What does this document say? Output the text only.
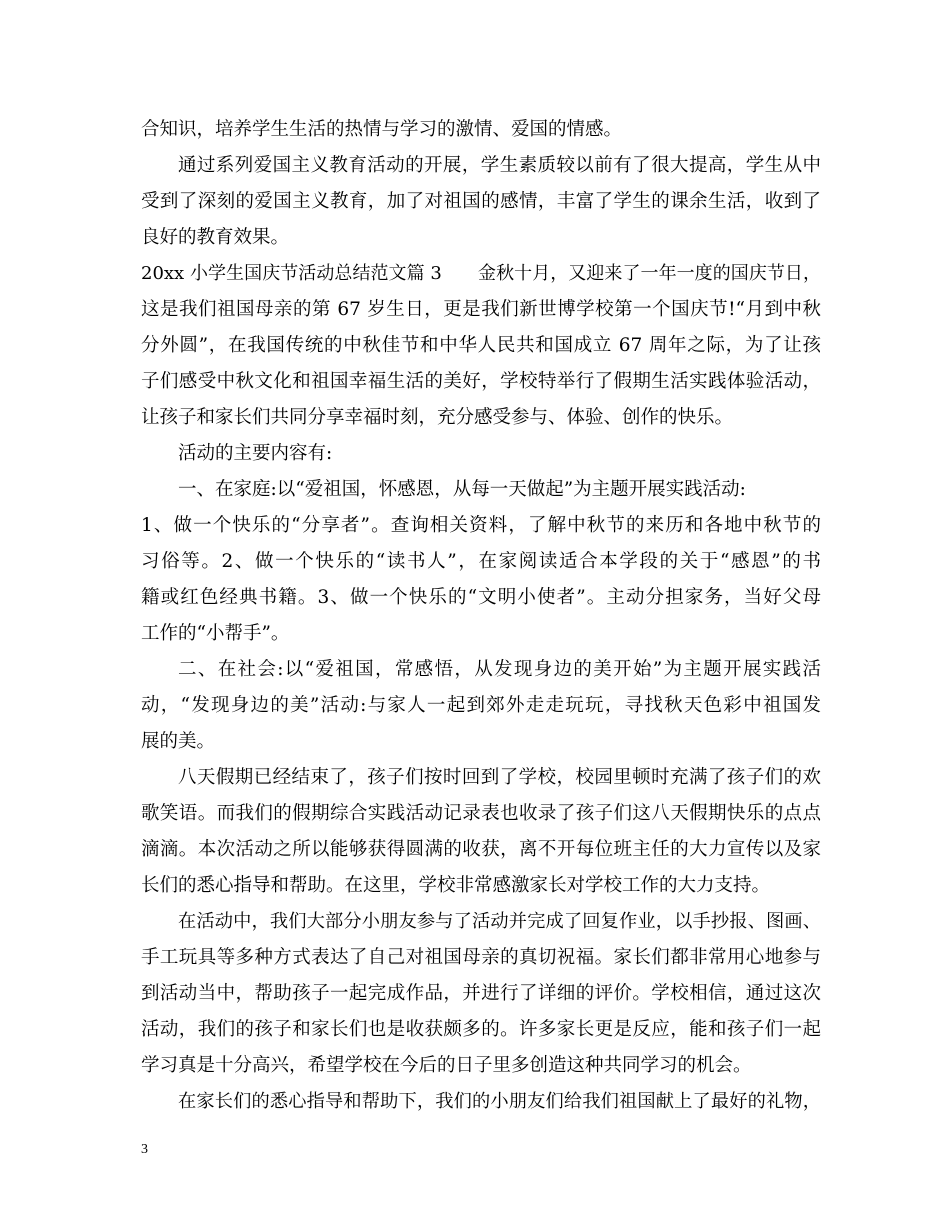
合知识，培养学生生活的热情与学习的激情、爱国的情感。
通过系列爱国主义教育活动的开展，学生素质较以前有了很大提高，学生从中
受到了深刻的爱国主义教育，加了对祖国的感情，丰富了学生的课余生活，收到了
良好的教育效果。
20xx 小学生国庆节活动总结范文篇 3　　金秋十月，又迎来了一年一度的国庆节日，
这是我们祖国母亲的第 67 岁生日，更是我们新世博学校第一个国庆节!“月到中秋
分外圆”，在我国传统的中秋佳节和中华人民共和国成立 67 周年之际，为了让孩
子们感受中秋文化和祖国幸福生活的美好，学校特举行了假期生活实践体验活动，
让孩子和家长们共同分享幸福时刻，充分感受参与、体验、创作的快乐。
活动的主要内容有:
一、在家庭:以“爱祖国，怀感恩，从每一天做起”为主题开展实践活动:
1、做一个快乐的“分享者”。查询相关资料，了解中秋节的来历和各地中秋节的
习俗等。2、做一个快乐的“读书人”，在家阅读适合本学段的关于“感恩”的书
籍或红色经典书籍。3、做一个快乐的“文明小使者”。主动分担家务，当好父母
工作的“小帮手”。
二、在社会:以“爱祖国，常感悟，从发现身边的美开始”为主题开展实践活
动，“发现身边的美”活动:与家人一起到郊外走走玩玩，寻找秋天色彩中祖国发
展的美。
八天假期已经结束了，孩子们按时回到了学校，校园里顿时充满了孩子们的欢
歌笑语。而我们的假期综合实践活动记录表也收录了孩子们这八天假期快乐的点点
滴滴。本次活动之所以能够获得圆满的收获，离不开每位班主任的大力宣传以及家
长们的悉心指导和帮助。在这里，学校非常感激家长对学校工作的大力支持。
在活动中，我们大部分小朋友参与了活动并完成了回复作业，以手抄报、图画、
手工玩具等多种方式表达了自己对祖国母亲的真切祝福。家长们都非常用心地参与
到活动当中，帮助孩子一起完成作品，并进行了详细的评价。学校相信，通过这次
活动，我们的孩子和家长们也是收获颇多的。许多家长更是反应，能和孩子们一起
学习真是十分高兴，希望学校在今后的日子里多创造这种共同学习的机会。
在家长们的悉心指导和帮助下，我们的小朋友们给我们祖国献上了最好的礼物，
3
